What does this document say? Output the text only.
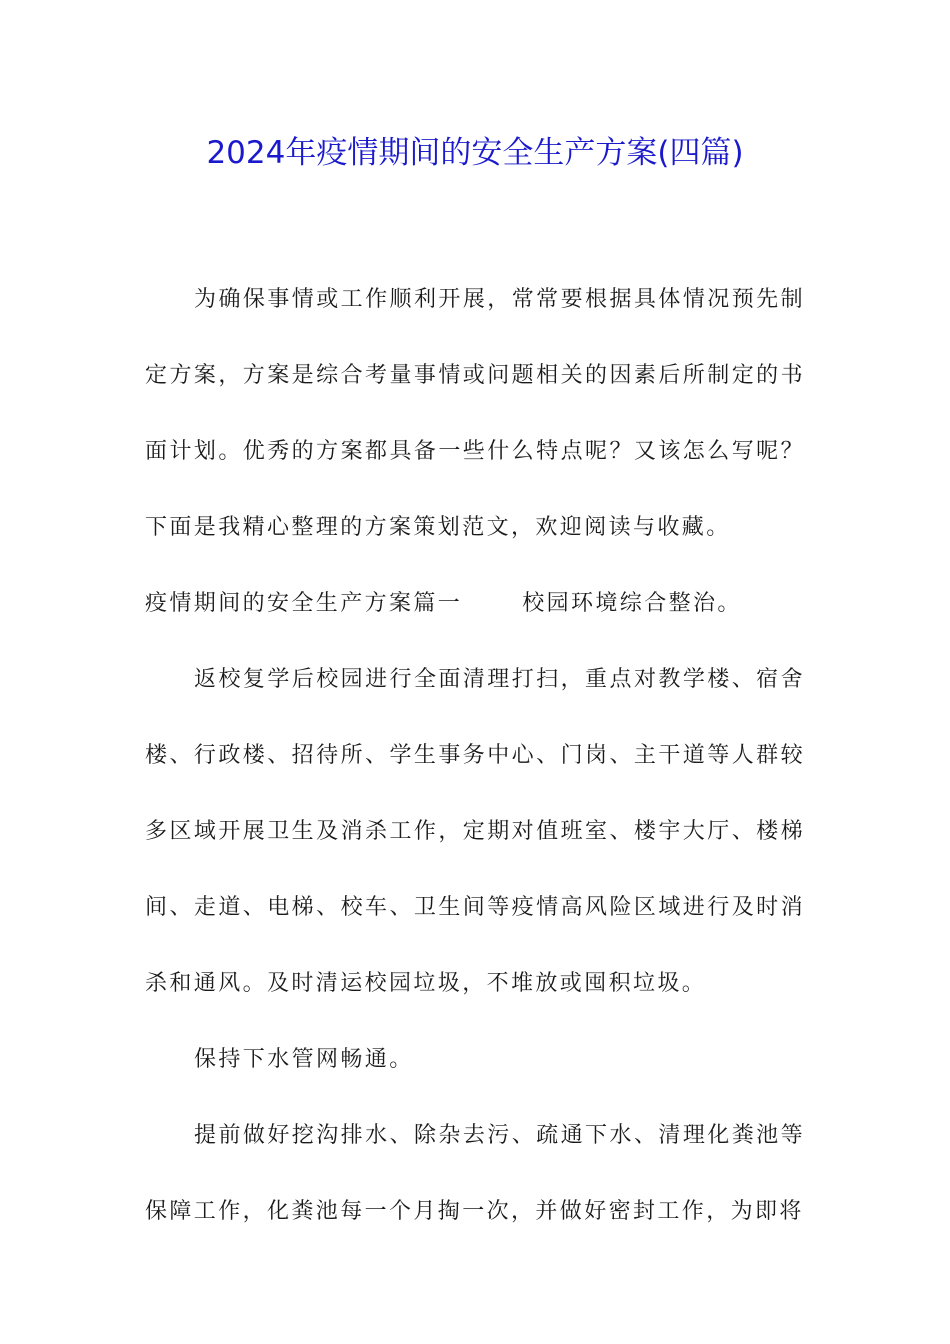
2024年疫情期间的安全生产方案(四篇)

为确保事情或工作顺利开展，常常要根据具体情况预先制定方案，方案是综合考量事情或问题相关的因素后所制定的书面计划。优秀的方案都具备一些什么特点呢？又该怎么写呢？下面是我精心整理的方案策划范文，欢迎阅读与收藏。

疫情期间的安全生产方案篇一	校园环境综合整治。

返校复学后校园进行全面清理打扫，重点对教学楼、宿舍楼、行政楼、招待所、学生事务中心、门岗、主干道等人群较多区域开展卫生及消杀工作，定期对值班室、楼宇大厅、楼梯间、走道、电梯、校车、卫生间等疫情高风险区域进行及时消杀和通风。及时清运校园垃圾，不堆放或囤积垃圾。

保持下水管网畅通。

提前做好挖沟排水、除杂去污、疏通下水、清理化粪池等保障工作，化粪池每一个月掏一次，并做好密封工作，为即将
